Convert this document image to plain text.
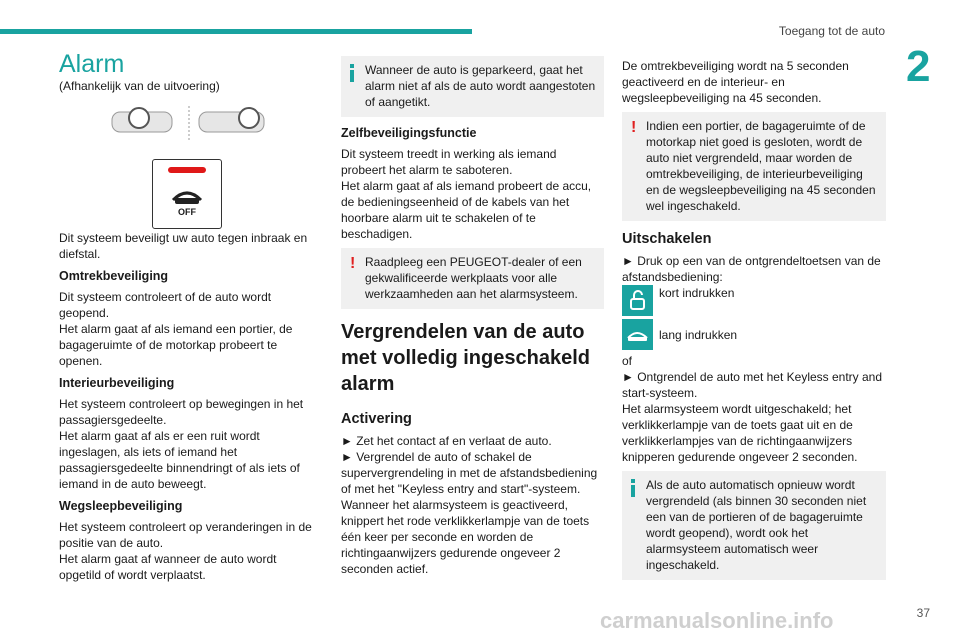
Toegang tot de auto
2
Alarm

(Afhankelijk van de uitvoering)

OFF

Dit systeem beveiligt uw auto tegen inbraak en diefstal.

Omtrekbeveiliging

Dit systeem controleert of de auto wordt geopend.

Het alarm gaat af als iemand een portier, de bagageruimte of de motorkap probeert te openen.

Interieurbeveiliging

Het systeem controleert op bewegingen in het passagiersgedeelte.

Het alarm gaat af als er een ruit wordt ingeslagen, als iets of iemand het passagiersgedeelte binnendringt of als iets of iemand in de auto beweegt.

Wegsleepbeveiliging

Het systeem controleert op veranderingen in de positie van de auto.

Het alarm gaat af wanneer de auto wordt opgetild of wordt verplaatst.

Wanneer de auto is geparkeerd, gaat het alarm niet af als de auto wordt aangestoten of aangetikt.
Zelfbeveiligingsfunctie

Dit systeem treedt in werking als iemand probeert het alarm te saboteren.

Het alarm gaat af als iemand probeert de accu, de bedieningseenheid of de kabels van het hoorbare alarm uit te schakelen of te beschadigen.

! Raadpleeg een PEUGEOT-dealer of een gekwalificeerde werkplaats voor alle werkzaamheden aan het alarmsysteem.
Vergrendelen van de auto met volledig ingeschakeld alarm
Activering

► Zet het contact af en verlaat de auto.

► Vergrendel de auto of schakel de supervergrendeling in met de afstandsbediening of met het "Keyless entry and start"-systeem.

Wanneer het alarmsysteem is geactiveerd, knippert het rode verklikkerlampje van de toets één keer per seconde en worden de richtingaanwijzers gedurende ongeveer 2 seconden actief.

De omtrekbeveiliging wordt na 5 seconden geactiveerd en de interieur- en wegsleepbeveiliging na 45 seconden.

! Indien een portier, de bagageruimte of de motorkap niet goed is gesloten, wordt de auto niet vergrendeld, maar worden de omtrekbeveiliging, de interieurbeveiliging en de wegsleepbeveiliging na 45 seconden wel ingeschakeld.
Uitschakelen

► Druk op een van de ontgrendeltoetsen van de afstandsbediening:

kort indrukken
lang indrukken

of

► Ontgrendel de auto met het Keyless entry and start-systeem.

Het alarmsysteem wordt uitgeschakeld; het verklikkerlampje van de toets gaat uit en de verklikkerlampjes van de richtingaanwijzers knipperen gedurende ongeveer 2 seconden.

Als de auto automatisch opnieuw wordt vergrendeld (als binnen 30 seconden niet een van de portieren of de bagageruimte wordt geopend), wordt ook het alarmsysteem automatisch weer ingeschakeld.
carmanualsonline.info	37
